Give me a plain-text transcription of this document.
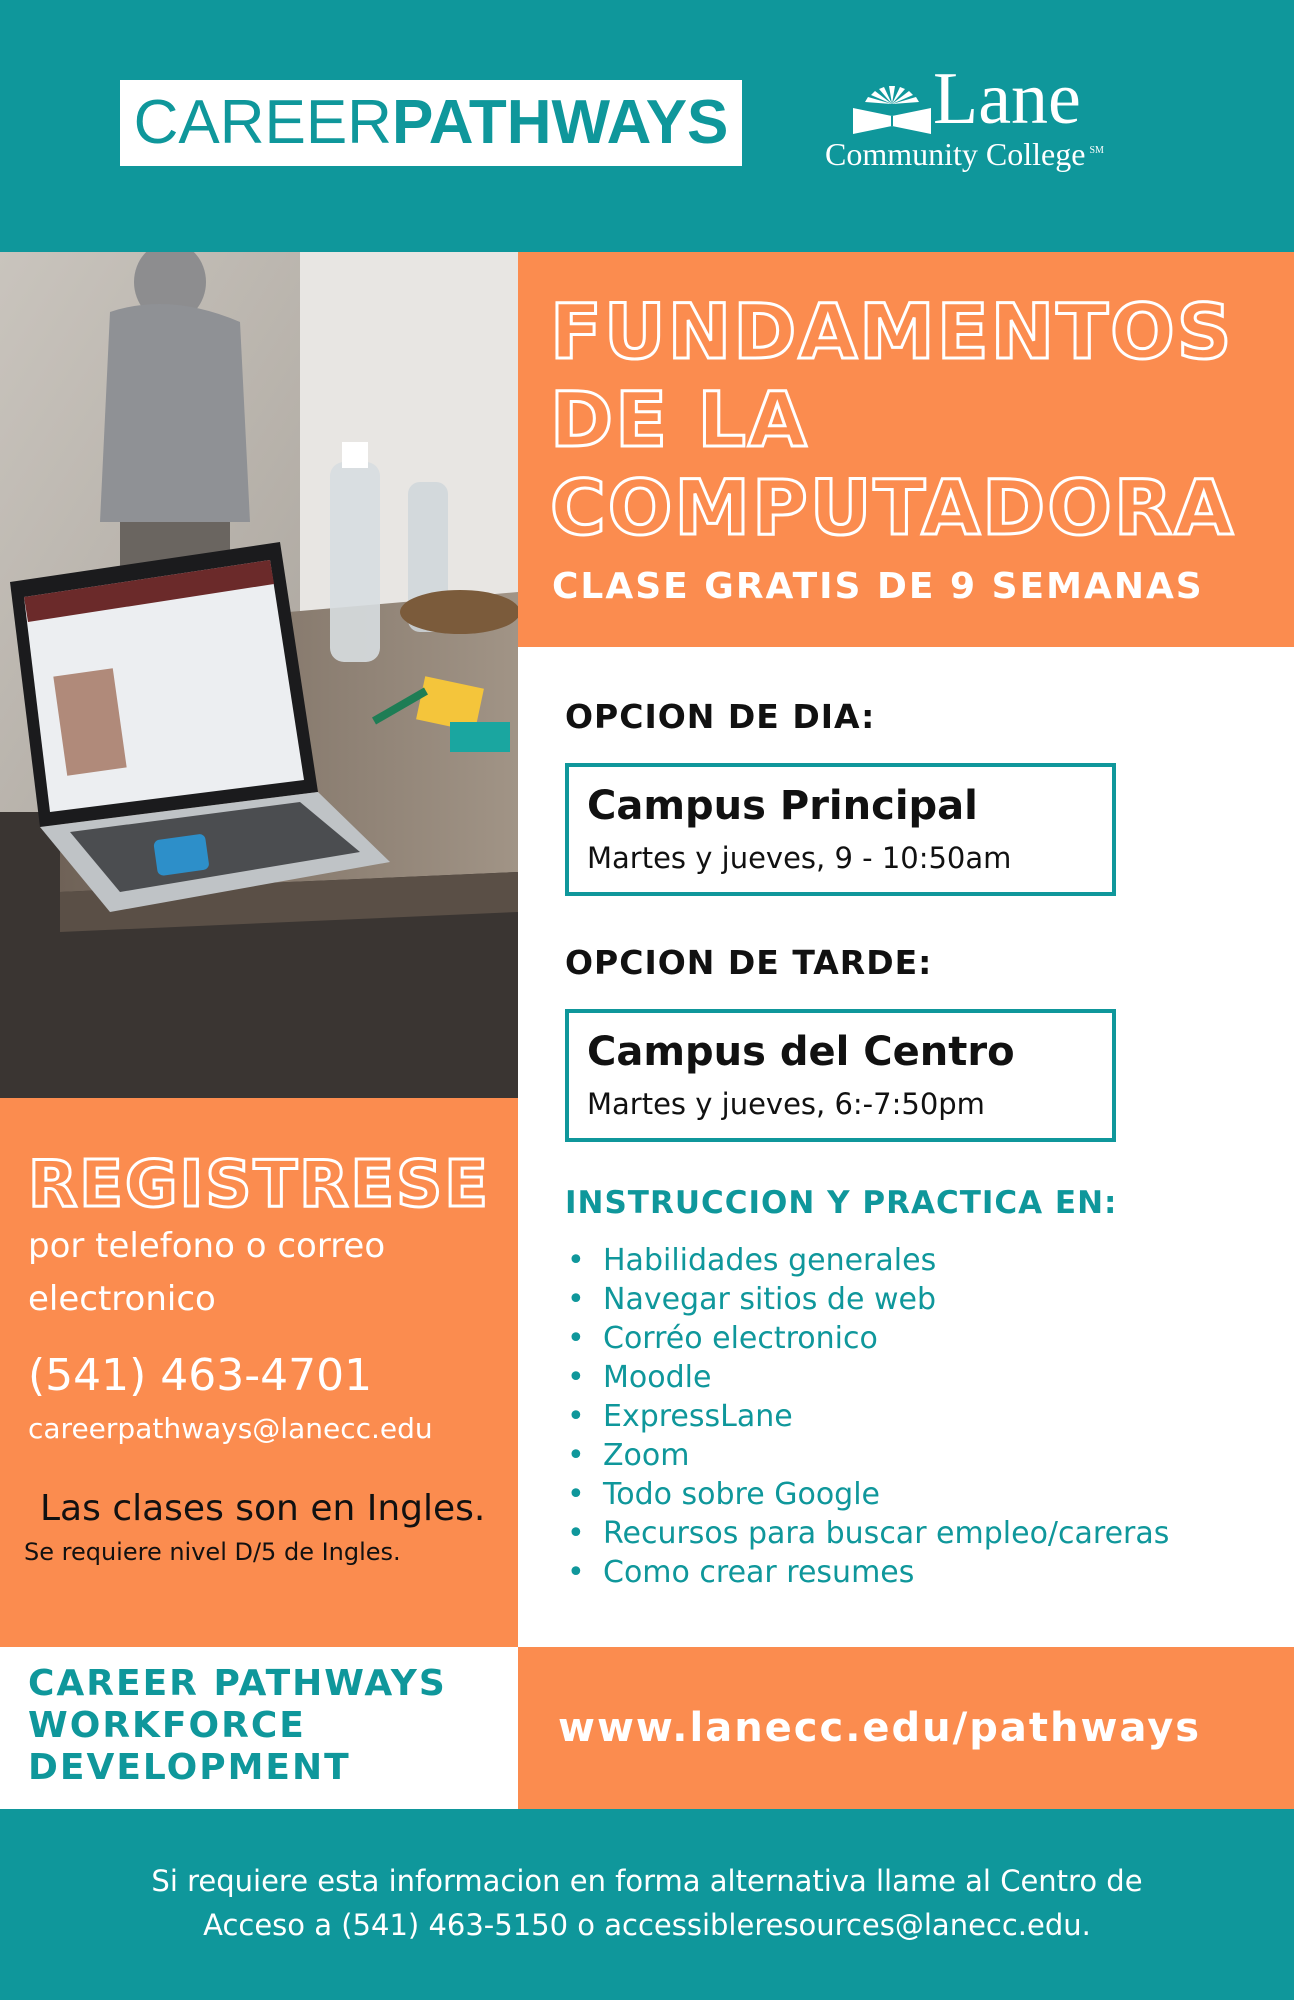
CAREER PATHWAYS	Lane
Community College ℠
FUNDAMENTOS
DE LA
COMPUTADORA
CLASE GRATIS DE 9 SEMANAS
OPCION DE DIA:
Campus Principal
Martes y jueves, 9 - 10:50am
OPCION DE TARDE:
Campus del Centro
Martes y jueves, 6:-7:50pm
INSTRUCCION Y PRACTICA EN:
• Habilidades generales
• Navegar sitios de web
• Corréo electronico
• Moodle
• ExpressLane
• Zoom
• Todo sobre Google
• Recursos para buscar empleo/careras
• Como crear resumes
REGISTRESE
por telefono o correo electronico
(541) 463-4701
careerpathways@lanecc.edu
Las clases son en Ingles.
Se requiere nivel D/5 de Ingles.
CAREER PATHWAYS
WORKFORCE
DEVELOPMENT
www.lanecc.edu/pathways
Si requiere esta informacion en forma alternativa llame al Centro de
Acceso a (541) 463-5150 o accessibleresources@lanecc.edu.
